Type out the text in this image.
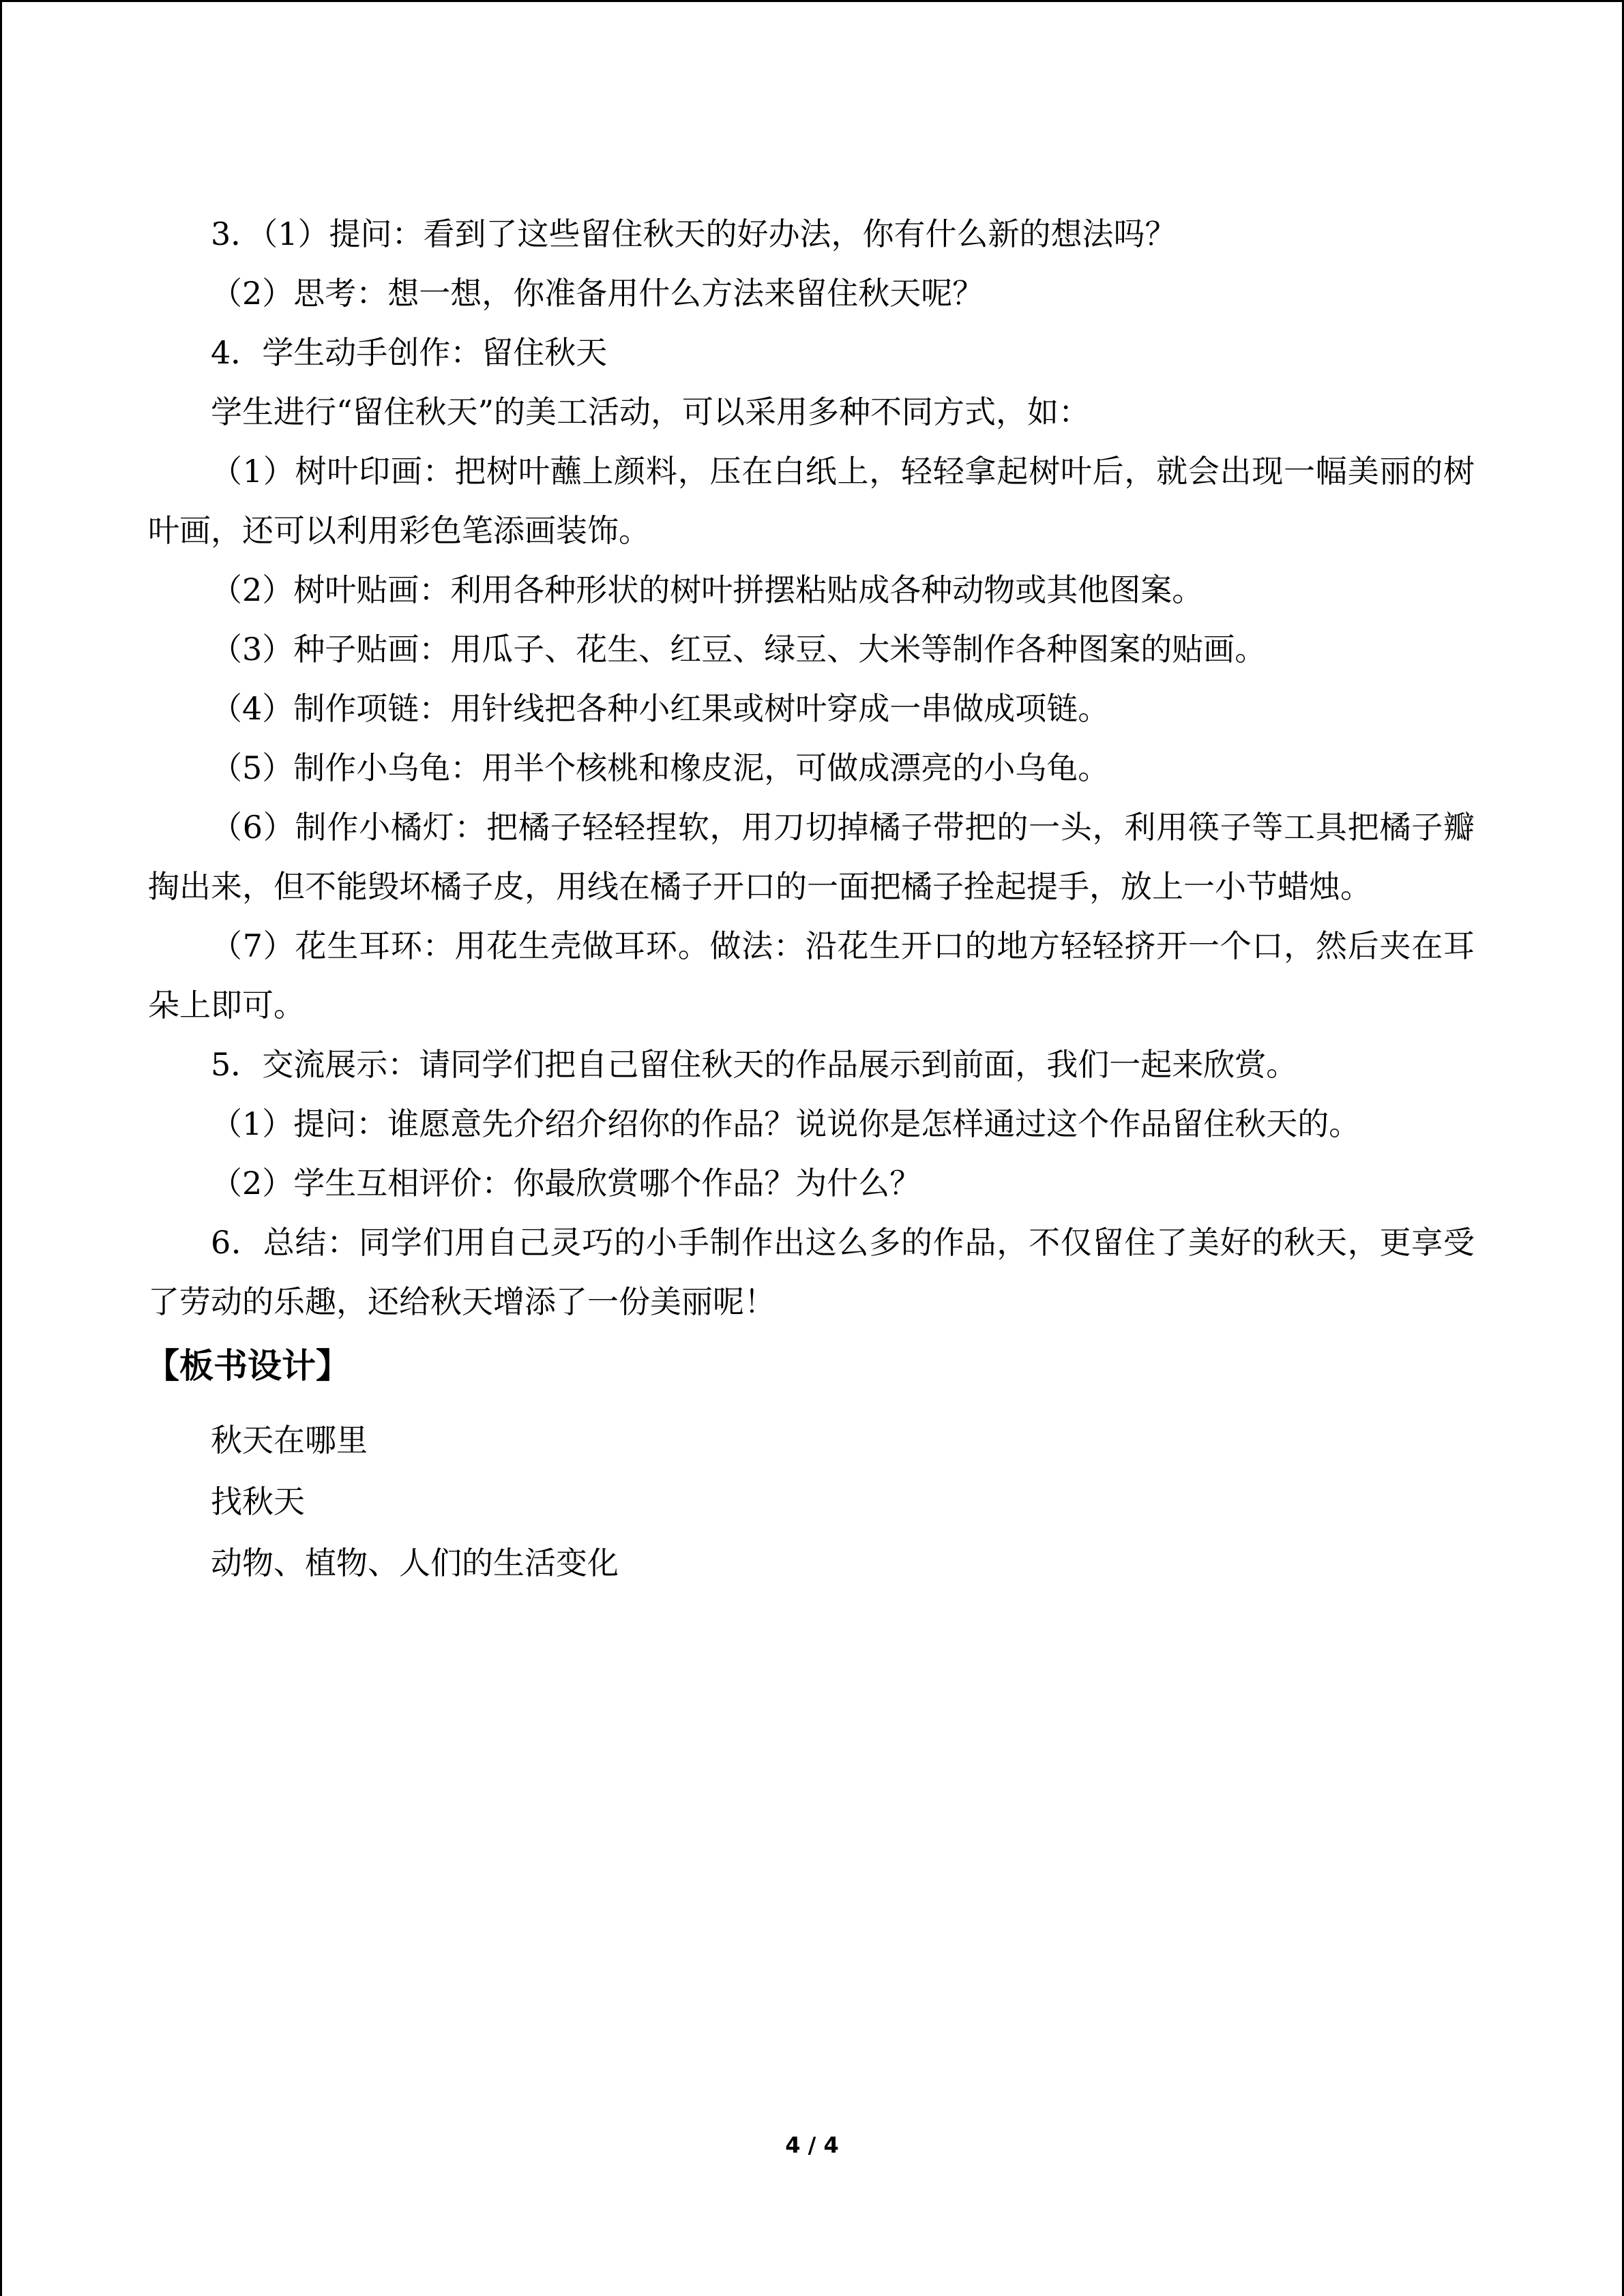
3．（1）提问：看到了这些留住秋天的好办法，你有什么新的想法吗？

（2）思考：想一想，你准备用什么方法来留住秋天呢？

4．学生动手创作：留住秋天

学生进行“留住秋天”的美工活动，可以采用多种不同方式，如：

（1）树叶印画：把树叶蘸上颜料，压在白纸上，轻轻拿起树叶后，就会出现一幅美丽的树叶画，还可以利用彩色笔添画装饰。

（2）树叶贴画：利用各种形状的树叶拼摆粘贴成各种动物或其他图案。

（3）种子贴画：用瓜子、花生、红豆、绿豆、大米等制作各种图案的贴画。

（4）制作项链：用针线把各种小红果或树叶穿成一串做成项链。

（5）制作小乌龟：用半个核桃和橡皮泥，可做成漂亮的小乌龟。

（6）制作小橘灯：把橘子轻轻捏软，用刀切掉橘子带把的一头，利用筷子等工具把橘子瓣掏出来，但不能毁坏橘子皮，用线在橘子开口的一面把橘子拴起提手，放上一小节蜡烛。

（7）花生耳环：用花生壳做耳环。做法：沿花生开口的地方轻轻挤开一个口，然后夹在耳朵上即可。

5．交流展示：请同学们把自己留住秋天的作品展示到前面，我们一起来欣赏。

（1）提问：谁愿意先介绍介绍你的作品？说说你是怎样通过这个作品留住秋天的。

（2）学生互相评价：你最欣赏哪个作品？为什么？

6．总结：同学们用自己灵巧的小手制作出这么多的作品，不仅留住了美好的秋天，更享受了劳动的乐趣，还给秋天增添了一份美丽呢！

【板书设计】

秋天在哪里

找秋天

动物、植物、人们的生活变化

4 / 4
